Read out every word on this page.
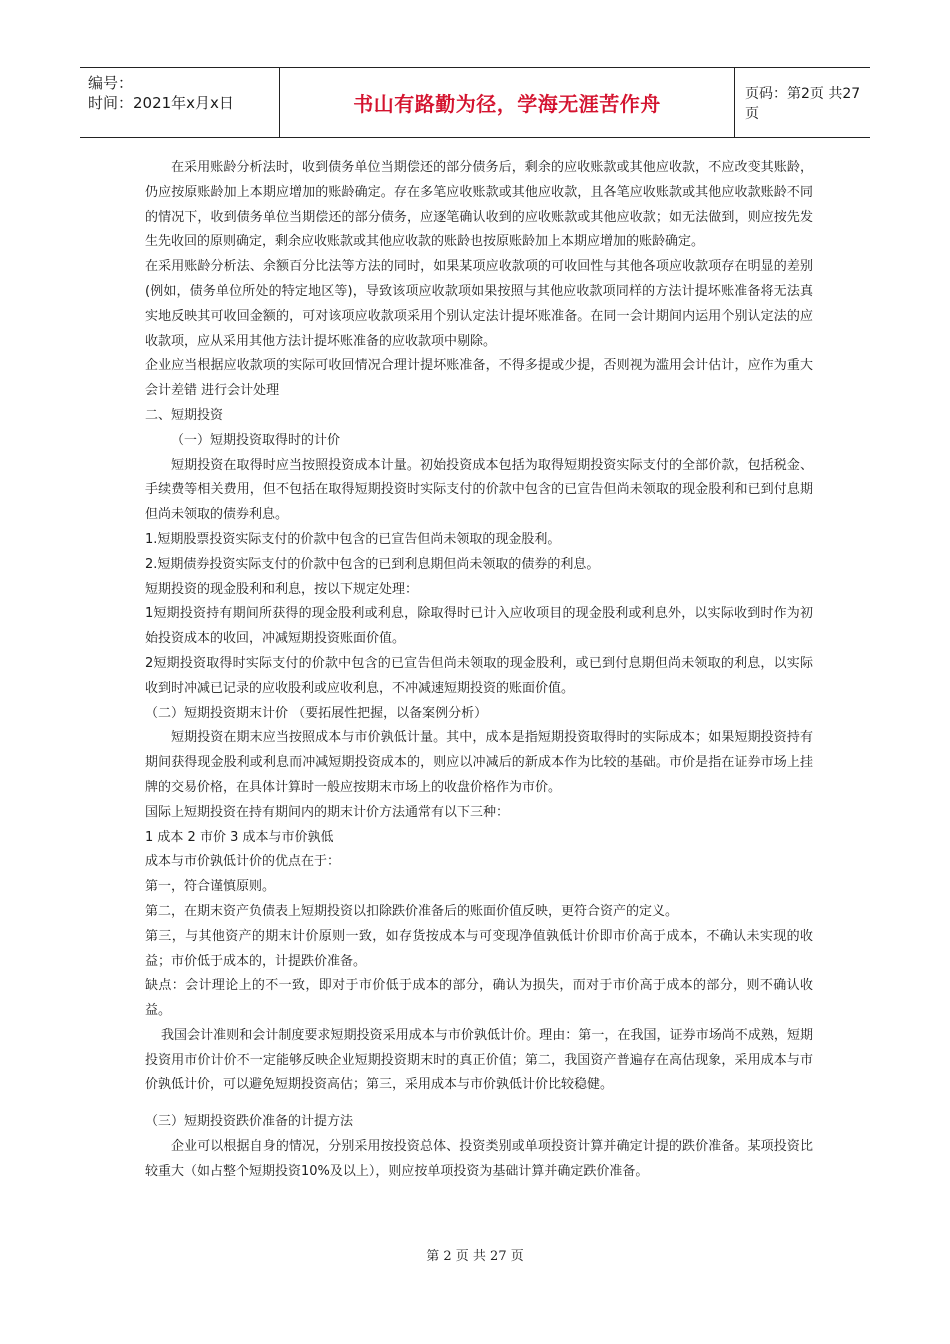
编号：
时间：2021年x月x日	书山有路勤为径，学海无涯苦作舟	页码：第2页 共27页

在采用账龄分析法时，收到债务单位当期偿还的部分债务后，剩余的应收账款或其他应收款，不应改变其账龄，仍应按原账龄加上本期应增加的账龄确定。存在多笔应收账款或其他应收款，且各笔应收账款或其他应收款账龄不同的情况下，收到债务单位当期偿还的部分债务，应逐笔确认收到的应收账款或其他应收款；如无法做到，则应按先发生先收回的原则确定，剩余应收账款或其他应收款的账龄也按原账龄加上本期应增加的账龄确定。

在采用账龄分析法、余额百分比法等方法的同时，如果某项应收款项的可收回性与其他各项应收款项存在明显的差别(例如，债务单位所处的特定地区等)，导致该项应收款项如果按照与其他应收款项同样的方法计提坏账准备将无法真实地反映其可收回金额的，可对该项应收款项采用个别认定法计提坏账准备。在同一会计期间内运用个别认定法的应收款项，应从采用其他方法计提坏账准备的应收款项中剔除。

企业应当根据应收款项的实际可收回情况合理计提坏账准备，不得多提或少提，否则视为滥用会计估计，应作为重大会计差错 进行会计处理

二、短期投资

（一）短期投资取得时的计价

短期投资在取得时应当按照投资成本计量。初始投资成本包括为取得短期投资实际支付的全部价款，包括税金、手续费等相关费用，但不包括在取得短期投资时实际支付的价款中包含的已宣告但尚未领取的现金股利和已到付息期但尚未领取的债券利息。

1.短期股票投资实际支付的价款中包含的已宣告但尚未领取的现金股利。

2.短期债券投资实际支付的价款中包含的已到利息期但尚未领取的债券的利息。

短期投资的现金股利和利息，按以下规定处理：

1短期投资持有期间所获得的现金股利或利息，除取得时已计入应收项目的现金股利或利息外，以实际收到时作为初始投资成本的收回，冲减短期投资账面价值。

2短期投资取得时实际支付的价款中包含的已宣告但尚未领取的现金股利，或已到付息期但尚未领取的利息，以实际收到时冲减已记录的应收股利或应收利息，不冲减速短期投资的账面价值。

（二）短期投资期末计价 （要拓展性把握，以备案例分析）

短期投资在期末应当按照成本与市价孰低计量。其中，成本是指短期投资取得时的实际成本；如果短期投资持有期间获得现金股利或利息而冲减短期投资成本的，则应以冲减后的新成本作为比较的基础。市价是指在证券市场上挂牌的交易价格，在具体计算时一般应按期末市场上的收盘价格作为市价。

国际上短期投资在持有期间内的期末计价方法通常有以下三种：

1 成本 2 市价 3 成本与市价孰低

成本与市价孰低计价的优点在于：

第一，符合谨慎原则。

第二，在期末资产负债表上短期投资以扣除跌价准备后的账面价值反映，更符合资产的定义。

第三，与其他资产的期末计价原则一致，如存货按成本与可变现净值孰低计价即市价高于成本，不确认未实现的收益；市价低于成本的，计提跌价准备。

缺点：会计理论上的不一致，即对于市价低于成本的部分，确认为损失，而对于市价高于成本的部分，则不确认收益。

我国会计准则和会计制度要求短期投资采用成本与市价孰低计价。理由：第一，在我国，证券市场尚不成熟，短期投资用市价计价不一定能够反映企业短期投资期末时的真正价值；第二，我国资产普遍存在高估现象，采用成本与市价孰低计价，可以避免短期投资高估；第三，采用成本与市价孰低计价比较稳健。

（三）短期投资跌价准备的计提方法

企业可以根据自身的情况，分别采用按投资总体、投资类别或单项投资计算并确定计提的跌价准备。某项投资比较重大（如占整个短期投资10%及以上），则应按单项投资为基础计算并确定跌价准备。

第 2 页 共 27 页
